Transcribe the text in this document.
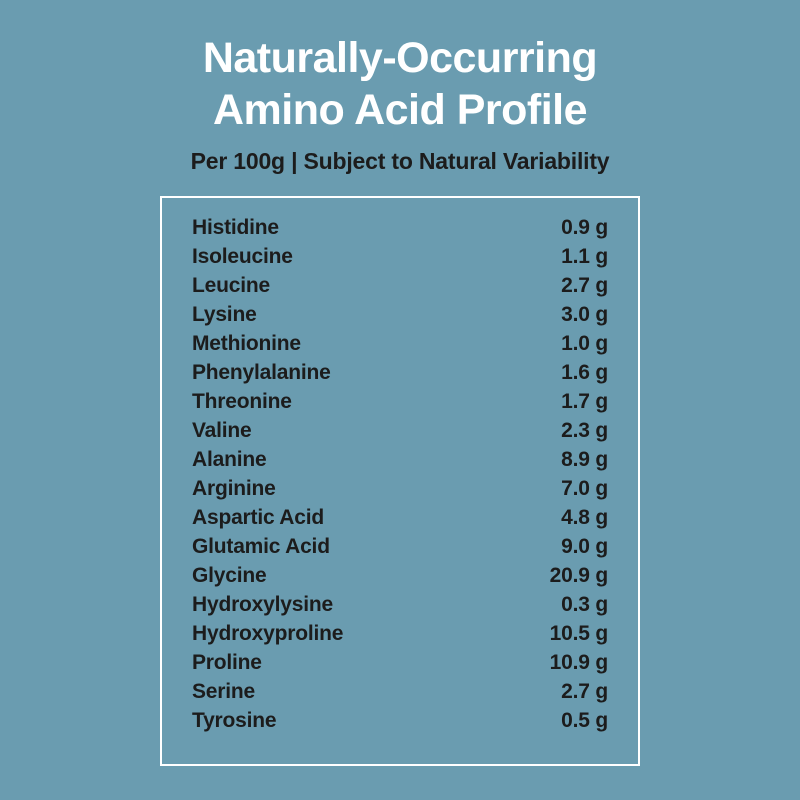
Naturally-Occurring
Amino Acid Profile
Per 100g | Subject to Natural Variability
Histidine	0.9 g
Isoleucine	1.1 g
Leucine	2.7 g
Lysine	3.0 g
Methionine	1.0 g
Phenylalanine	1.6 g
Threonine	1.7 g
Valine	2.3 g
Alanine	8.9 g
Arginine	7.0 g
Aspartic Acid	4.8 g
Glutamic Acid	9.0 g
Glycine	20.9 g
Hydroxylysine	0.3 g
Hydroxyproline	10.5 g
Proline	10.9 g
Serine	2.7 g
Tyrosine	0.5 g
